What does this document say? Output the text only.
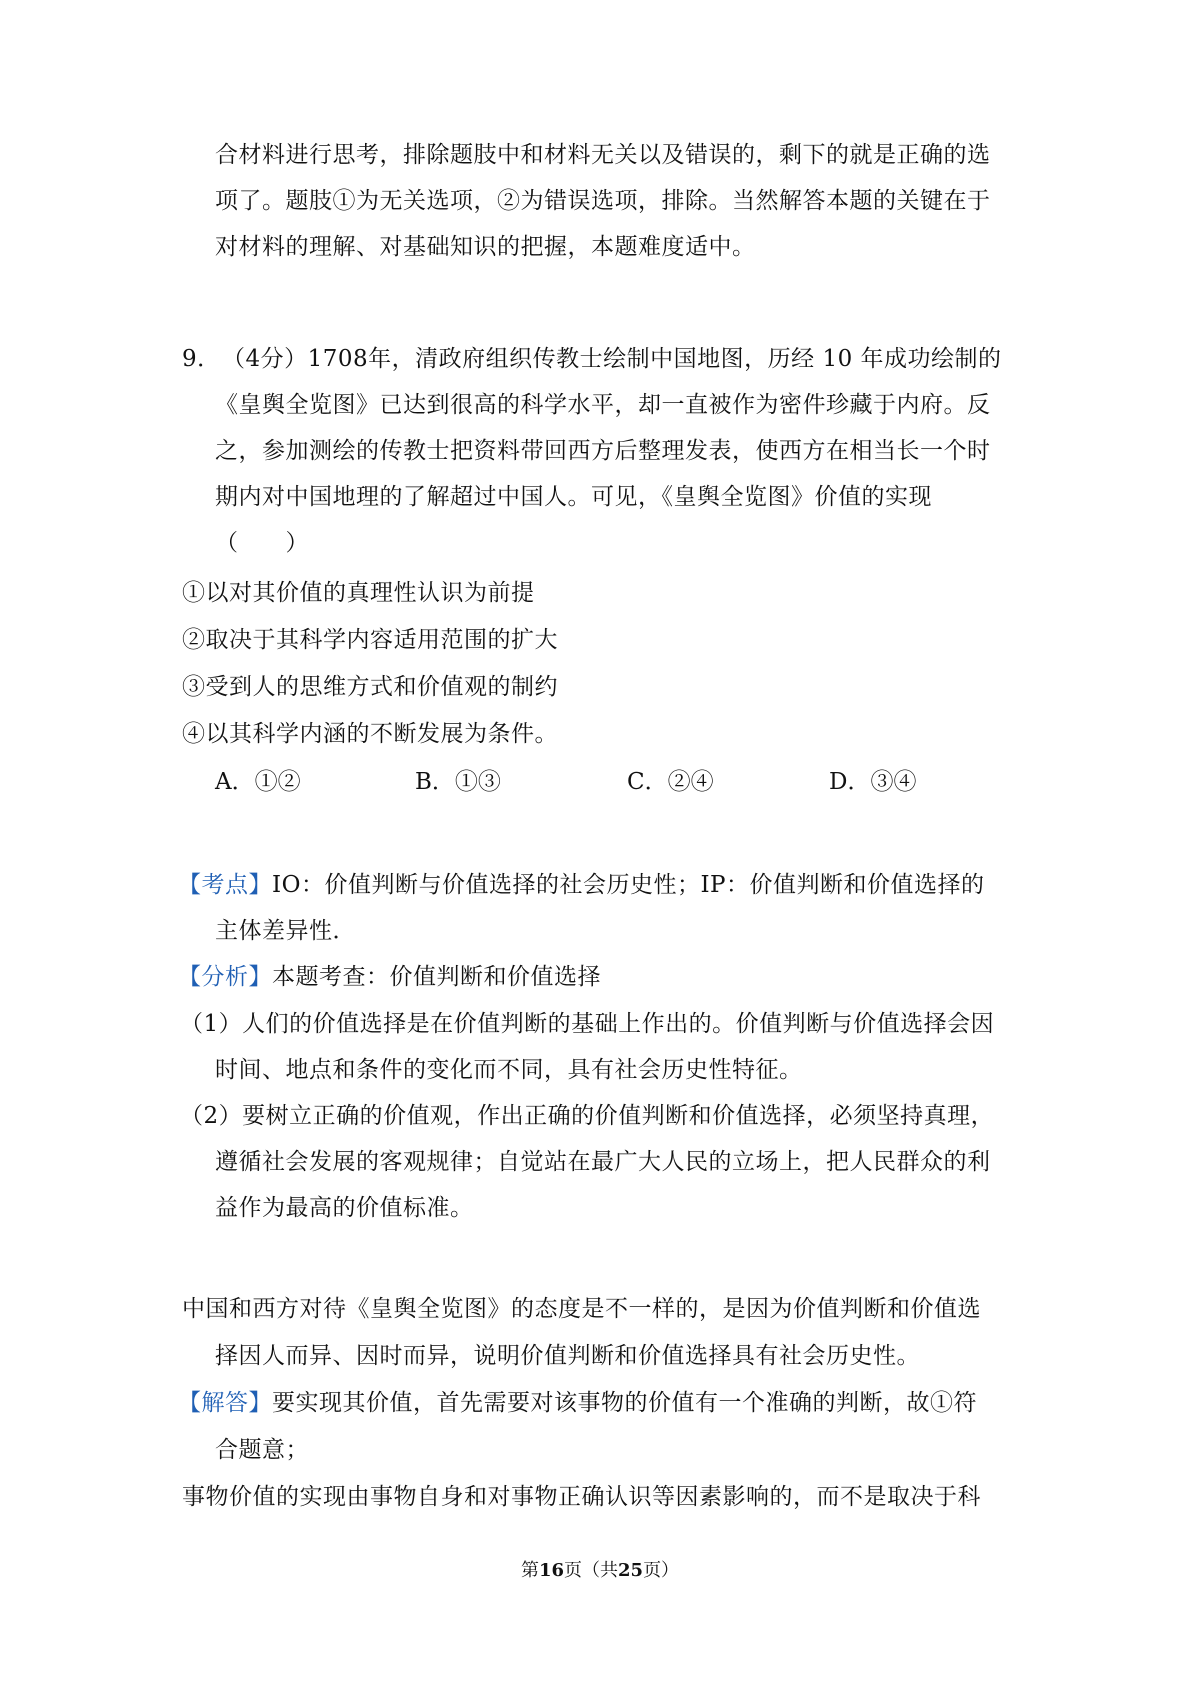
合材料进行思考，排除题肢中和材料无关以及错误的，剩下的就是正确的选
项了。题肢①为无关选项，②为错误选项，排除。当然解答本题的关键在于
对材料的理解、对基础知识的把握，本题难度适中。
9． （4分）1708年，清政府组织传教士绘制中国地图，历经 10 年成功绘制的
《皇舆全览图》已达到很高的科学水平，却一直被作为密件珍藏于内府。反
之，参加测绘的传教士把资料带回西方后整理发表，使西方在相当长一个时
期内对中国地理的了解超过中国人。可见，《皇舆全览图》价值的实现
（　　）
①以对其价值的真理性认识为前提
②取决于其科学内容适用范围的扩大
③受到人的思维方式和价值观的制约
④以其科学内涵的不断发展为条件。
A．①②	B．①③	C．②④	D．③④
【考点】IO：价值判断与价值选择的社会历史性；IP：价值判断和价值选择的
主体差异性．
【分析】本题考查：价值判断和价值选择
（1）人们的价值选择是在价值判断的基础上作出的。价值判断与价值选择会因
时间、地点和条件的变化而不同，具有社会历史性特征。
（2）要树立正确的价值观，作出正确的价值判断和价值选择，必须坚持真理，
遵循社会发展的客观规律；自觉站在最广大人民的立场上，把人民群众的利
益作为最高的价值标准。
中国和西方对待《皇舆全览图》的态度是不一样的，是因为价值判断和价值选
择因人而异、因时而异，说明价值判断和价值选择具有社会历史性。
【解答】要实现其价值，首先需要对该事物的价值有一个准确的判断，故①符
合题意；
事物价值的实现由事物自身和对事物正确认识等因素影响的，而不是取决于科
第16页（共25页）
